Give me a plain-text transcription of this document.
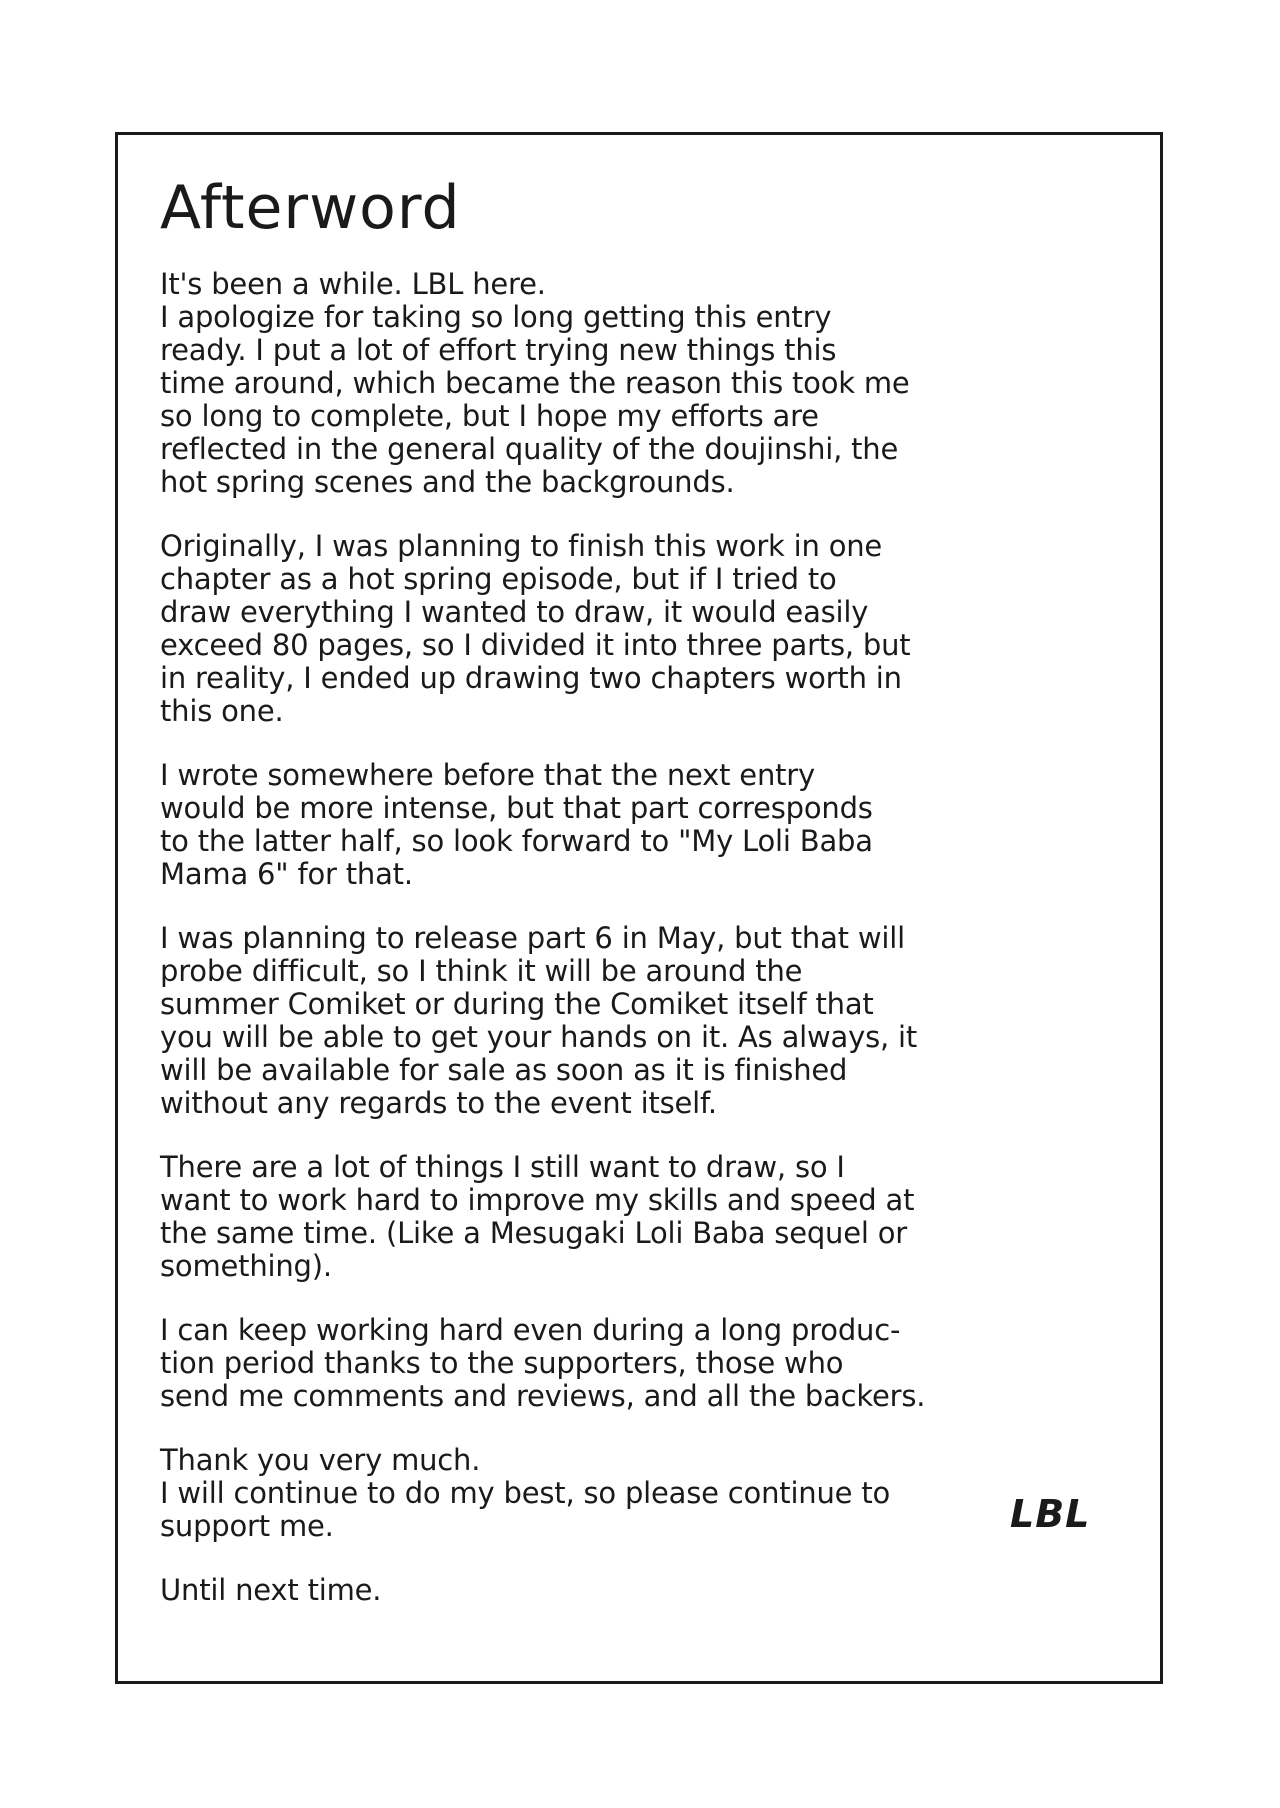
Afterword
It's been a while. LBL here.
I apologize for taking so long getting this entry
ready. I put a lot of effort trying new things this
time around, which became the reason this took me
so long to complete, but I hope my efforts are
reflected in the general quality of the doujinshi, the
hot spring scenes and the backgrounds.
Originally, I was planning to finish this work in one
chapter as a hot spring episode, but if I tried to
draw everything I wanted to draw, it would easily
exceed 80 pages, so I divided it into three parts, but
in reality, I ended up drawing two chapters worth in
this one.
I wrote somewhere before that the next entry
would be more intense, but that part corresponds
to the latter half, so look forward to "My Loli Baba
Mama 6" for that.
I was planning to release part 6 in May, but that will
probe difficult, so I think it will be around the
summer Comiket or during the Comiket itself that
you will be able to get your hands on it. As always, it
will be available for sale as soon as it is finished
without any regards to the event itself.
There are a lot of things I still want to draw, so I
want to work hard to improve my skills and speed at
the same time. (Like a Mesugaki Loli Baba sequel or
something).
I can keep working hard even during a long produc-
tion period thanks to the supporters, those who
send me comments and reviews, and all the backers.
Thank you very much.
I will continue to do my best, so please continue to
support me.
Until next time.
LBL
